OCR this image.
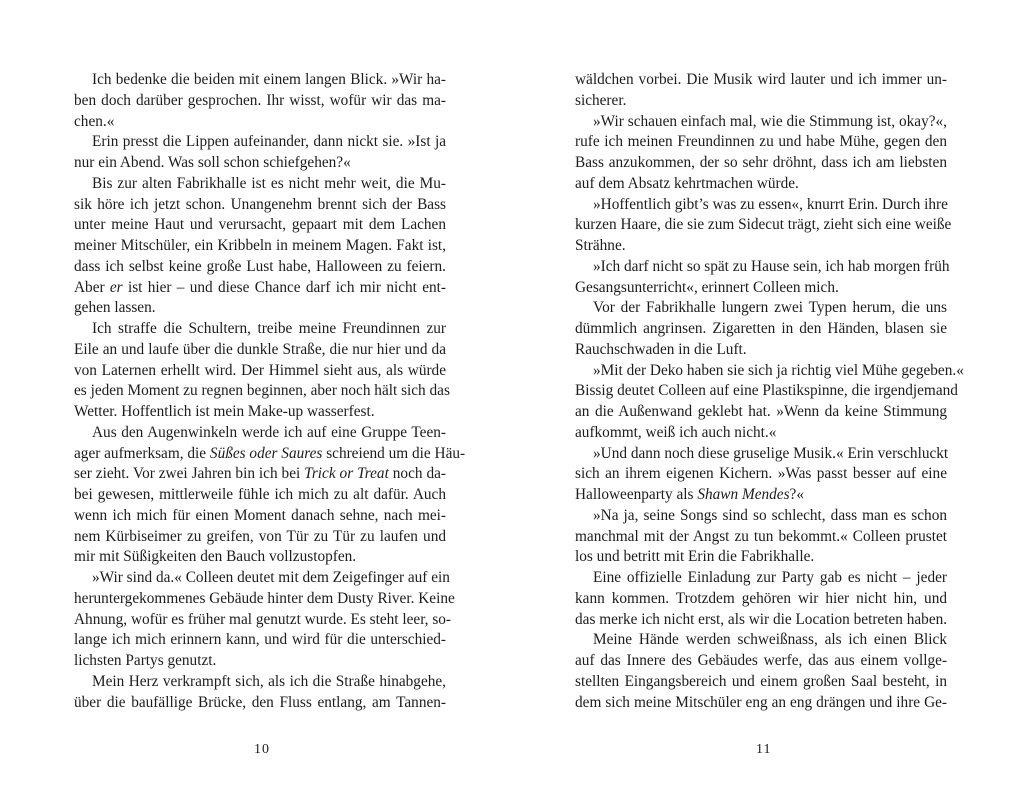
Ich bedenke die beiden mit einem langen Blick. »Wir ha-
ben doch darüber gesprochen. Ihr wisst, wofür wir das ma-
chen.«
Erin presst die Lippen aufeinander, dann nickt sie. »Ist ja
nur ein Abend. Was soll schon schiefgehen?«
Bis zur alten Fabrikhalle ist es nicht mehr weit, die Mu-
sik höre ich jetzt schon. Unangenehm brennt sich der Bass
unter meine Haut und verursacht, gepaart mit dem Lachen
meiner Mitschüler, ein Kribbeln in meinem Magen. Fakt ist,
dass ich selbst keine große Lust habe, Halloween zu feiern.
Aber er ist hier – und diese Chance darf ich mir nicht ent-
gehen lassen.
Ich straffe die Schultern, treibe meine Freundinnen zur
Eile an und laufe über die dunkle Straße, die nur hier und da
von Laternen erhellt wird. Der Himmel sieht aus, als würde
es jeden Moment zu regnen beginnen, aber noch hält sich das
Wetter. Hoffentlich ist mein Make-up wasserfest.
Aus den Augenwinkeln werde ich auf eine Gruppe Teen-
ager aufmerksam, die Süßes oder Saures schreiend um die Häu-
ser zieht. Vor zwei Jahren bin ich bei Trick or Treat noch da-
bei gewesen, mittlerweile fühle ich mich zu alt dafür. Auch
wenn ich mich für einen Moment danach sehne, nach mei-
nem Kürbiseimer zu greifen, von Tür zu Tür zu laufen und
mir mit Süßigkeiten den Bauch vollzustopfen.
»Wir sind da.« Colleen deutet mit dem Zeigefinger auf ein
heruntergekommenes Gebäude hinter dem Dusty River. Keine
Ahnung, wofür es früher mal genutzt wurde. Es steht leer, so-
lange ich mich erinnern kann, und wird für die unterschied-
lichsten Partys genutzt.
Mein Herz verkrampft sich, als ich die Straße hinabgehe,
über die baufällige Brücke, den Fluss entlang, am Tannen-
10
wäldchen vorbei. Die Musik wird lauter und ich immer un-
sicherer.
»Wir schauen einfach mal, wie die Stimmung ist, okay?«,
rufe ich meinen Freundinnen zu und habe Mühe, gegen den
Bass anzukommen, der so sehr dröhnt, dass ich am liebsten
auf dem Absatz kehrtmachen würde.
»Hoffentlich gibt’s was zu essen«, knurrt Erin. Durch ihre
kurzen Haare, die sie zum Sidecut trägt, zieht sich eine weiße
Strähne.
»Ich darf nicht so spät zu Hause sein, ich hab morgen früh
Gesangsunterricht«, erinnert Colleen mich.
Vor der Fabrikhalle lungern zwei Typen herum, die uns
dümmlich angrinsen. Zigaretten in den Händen, blasen sie
Rauchschwaden in die Luft.
»Mit der Deko haben sie sich ja richtig viel Mühe gegeben.«
Bissig deutet Colleen auf eine Plastikspinne, die irgendjemand
an die Außenwand geklebt hat. »Wenn da keine Stimmung
aufkommt, weiß ich auch nicht.«
»Und dann noch diese gruselige Musik.« Erin verschluckt
sich an ihrem eigenen Kichern. »Was passt besser auf eine
Halloweenparty als Shawn Mendes?«
»Na ja, seine Songs sind so schlecht, dass man es schon
manchmal mit der Angst zu tun bekommt.« Colleen prustet
los und betritt mit Erin die Fabrikhalle.
Eine offizielle Einladung zur Party gab es nicht – jeder
kann kommen. Trotzdem gehören wir hier nicht hin, und
das merke ich nicht erst, als wir die Location betreten haben.
Meine Hände werden schweißnass, als ich einen Blick
auf das Innere des Gebäudes werfe, das aus einem vollge-
stellten Eingangsbereich und einem großen Saal besteht, in
dem sich meine Mitschüler eng an eng drängen und ihre Ge-
11
